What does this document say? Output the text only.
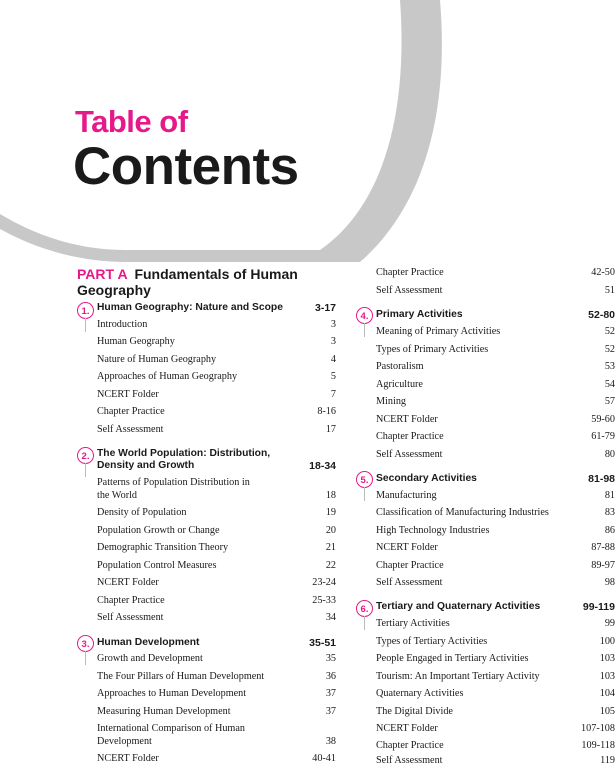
Table of
Contents
PART A Fundamentals of Human Geography
1. Human Geography: Nature and Scope	3-17
Introduction	3
Human Geography	3
Nature of Human Geography	4
Approaches of Human Geography	5
NCERT Folder	7
Chapter Practice	8-16
Self Assessment	17
2. The World Population: Distribution,
Density and Growth	18-34
Patterns of Population Distribution in
the World	18
Density of Population	19
Population Growth or Change	20
Demographic Transition Theory	21
Population Control Measures	22
NCERT Folder	23-24
Chapter Practice	25-33
Self Assessment	34
3. Human Development	35-51
Growth and Development	35
The Four Pillars of Human Development	36
Approaches to Human Development	37
Measuring Human Development	37
International Comparison of Human
Development	38
NCERT Folder	40-41
Chapter Practice	42-50
Self Assessment	51
4. Primary Activities	52-80
Meaning of Primary Activities	52
Types of Primary Activities	52
Pastoralism	53
Agriculture	54
Mining	57
NCERT Folder	59-60
Chapter Practice	61-79
Self Assessment	80
5. Secondary Activities	81-98
Manufacturing	81
Classification of Manufacturing Industries	83
High Technology Industries	86
NCERT Folder	87-88
Chapter Practice	89-97
Self Assessment	98
6. Tertiary and Quaternary Activities	99-119
Tertiary Activities	99
Types of Tertiary Activities	100
People Engaged in Tertiary Activities	103
Tourism: An Important Tertiary Activity	103
Quaternary Activities	104
The Digital Divide	105
NCERT Folder	107-108
Chapter Practice	109-118
Self Assessment	119
